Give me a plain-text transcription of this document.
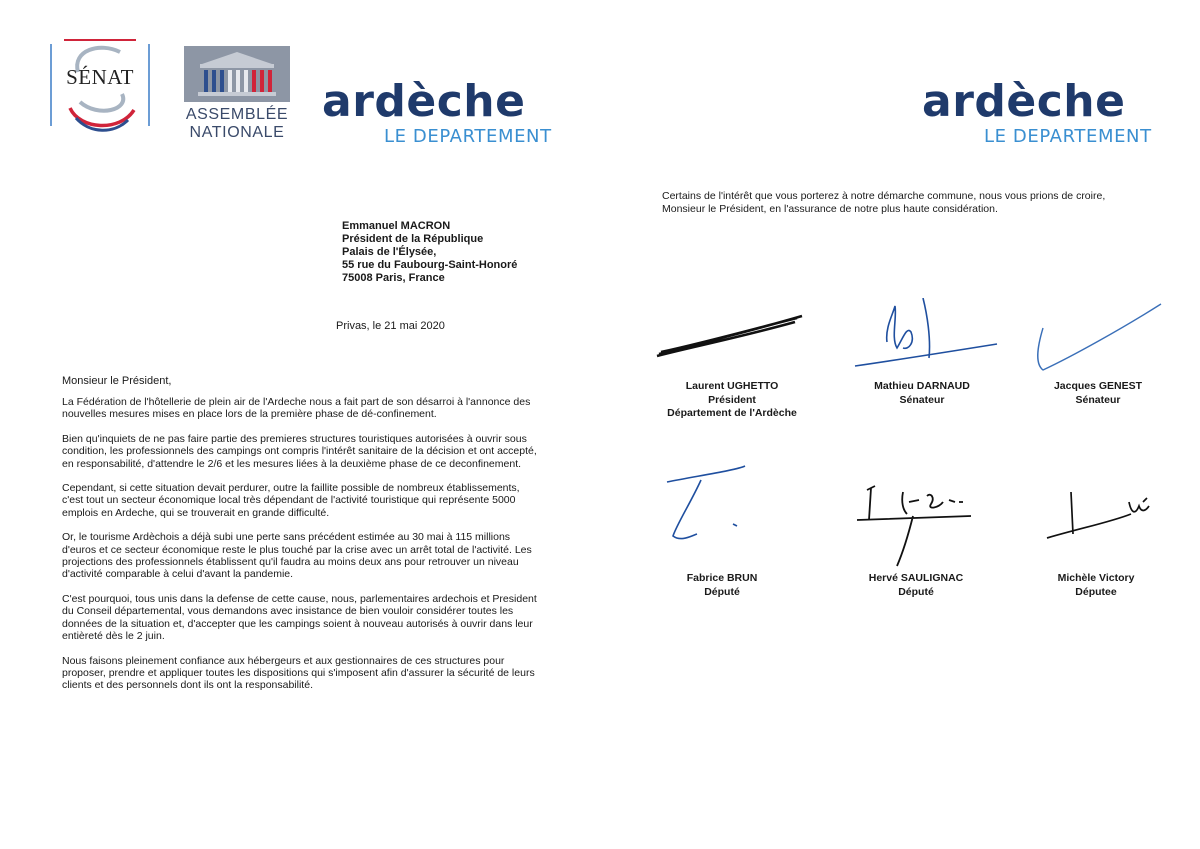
SÉNAT
ASSEMBLÉE
NATIONALE
ardèche
LE DEPARTEMENT
Emmanuel MACRON
Président de la République
Palais de l'Élysée,
55 rue du Faubourg-Saint-Honoré
75008 Paris, France
Privas, le 21 mai 2020
Monsieur le Président,

La Fédération de l'hôtellerie de plein air de l'Ardeche nous a fait part de son désarroi à l'annonce des nouvelles mesures mises en place lors de la première phase de dé-confinement.

Bien qu'inquiets de ne pas faire partie des premieres structures touristiques autorisées à ouvrir sous condition, les professionnels des campings ont compris l'intérêt sanitaire de la décision et ont accepté, en responsabilité, d'attendre le 2/6 et les mesures liées à la deuxième phase de ce deconfinement.

Cependant, si cette situation devait perdurer, outre la faillite possible de nombreux établissements, c'est tout un secteur économique local très dépendant de l'activité touristique qui représente 5000 emplois en Ardeche, qui se trouverait en grande difficulté.

Or, le tourisme Ardèchois a déjà subi une perte sans précédent estimée au 30 mai à 115 millions d'euros et ce secteur économique reste le plus touché par la crise avec un arrêt total de l'activité. Les projections des professionnels établissent qu'il faudra au moins deux ans pour retrouver un niveau d'activité comparable à celui d'avant la pandemie.

C'est pourquoi, tous unis dans la defense de cette cause, nous, parlementaires ardechois et President du Conseil départemental, vous demandons avec insistance de bien vouloir considérer toutes les données de la situation et, d'accepter que les campings soient à nouveau autorisés à ouvrir dans leur entièreté dès le 2 juin.

Nous faisons pleinement confiance aux hébergeurs et aux gestionnaires de ces structures pour proposer, prendre et appliquer toutes les dispositions qui s'imposent afin d'assurer la sécurité de leurs clients et des personnels dont ils ont la responsabilité.

ardèche
LE DEPARTEMENT
Certains de l'intérêt que vous porterez à notre démarche commune, nous vous prions de croire, Monsieur le Président, en l'assurance de notre plus haute considération.
Laurent UGHETTO
Président
Département de l'Ardèche
Mathieu DARNAUD
Sénateur
Jacques GENEST
Sénateur
Fabrice BRUN
Député
Hervé SAULIGNAC
Député
Michèle Victory
Députee
